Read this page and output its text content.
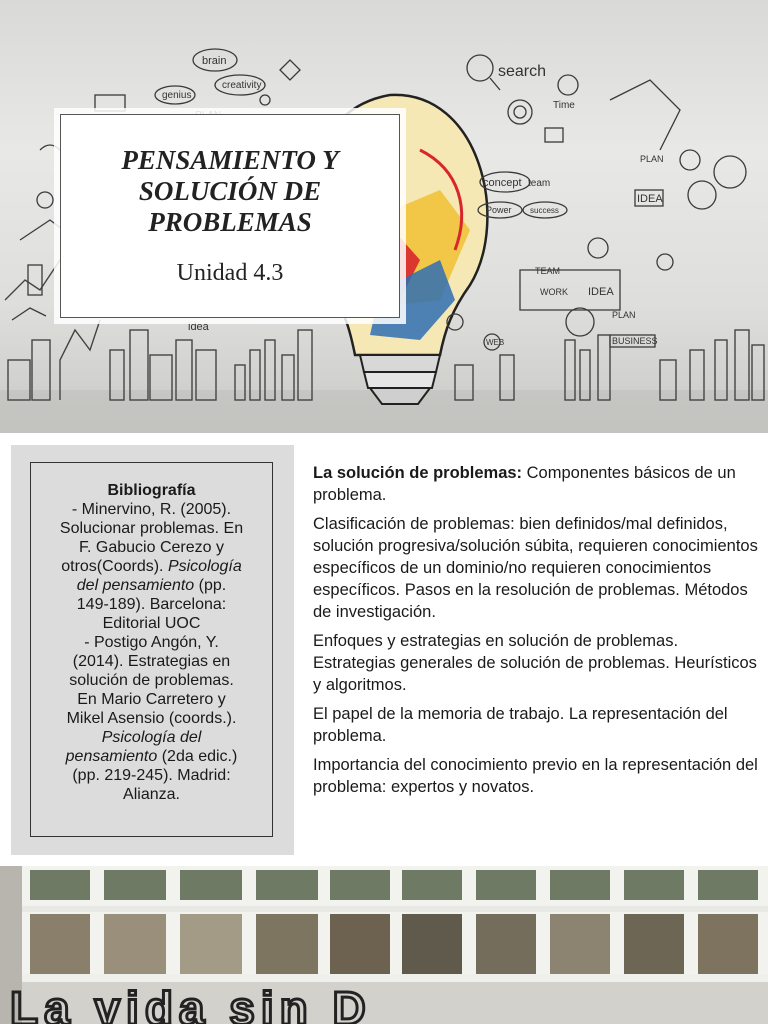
brain
creativity
genius
search
Time
concept team
Power success
IDEA
PLAN
WORK
TEAM
IDEA
PLAN
BUSINESS
WEB
idea
PENSAMIENTO Y
SOLUCIÓN DE
PROBLEMAS
Unidad 4.3
Bibliografía
- Minervino, R. (2005).
Solucionar problemas. En
F. Gabucio Cerezo y
otros(Coords). Psicología
del pensamiento (pp.
149-189). Barcelona:
Editorial UOC
- Postigo Angón, Y.
(2014). Estrategias en
solución de problemas.
En Mario Carretero y
Mikel Asensio (coords.).
Psicología del
pensamiento (2da edic.)
(pp. 219-245). Madrid:
Alianza.

La solución de problemas: Componentes básicos de un problema.

Clasificación de problemas: bien definidos/mal definidos, solución progresiva/solución súbita, requieren conocimientos específicos de un dominio/no requieren conocimientos específicos. Pasos en la resolución de problemas. Métodos de investigación.

Enfoques y estrategias en solución de problemas. Estrategias generales de solución de problemas. Heurísticos y algoritmos.

El papel de la memoria de trabajo. La representación del problema.

Importancia del conocimiento previo en la representación del problema: expertos y novatos.

La vida sin D
